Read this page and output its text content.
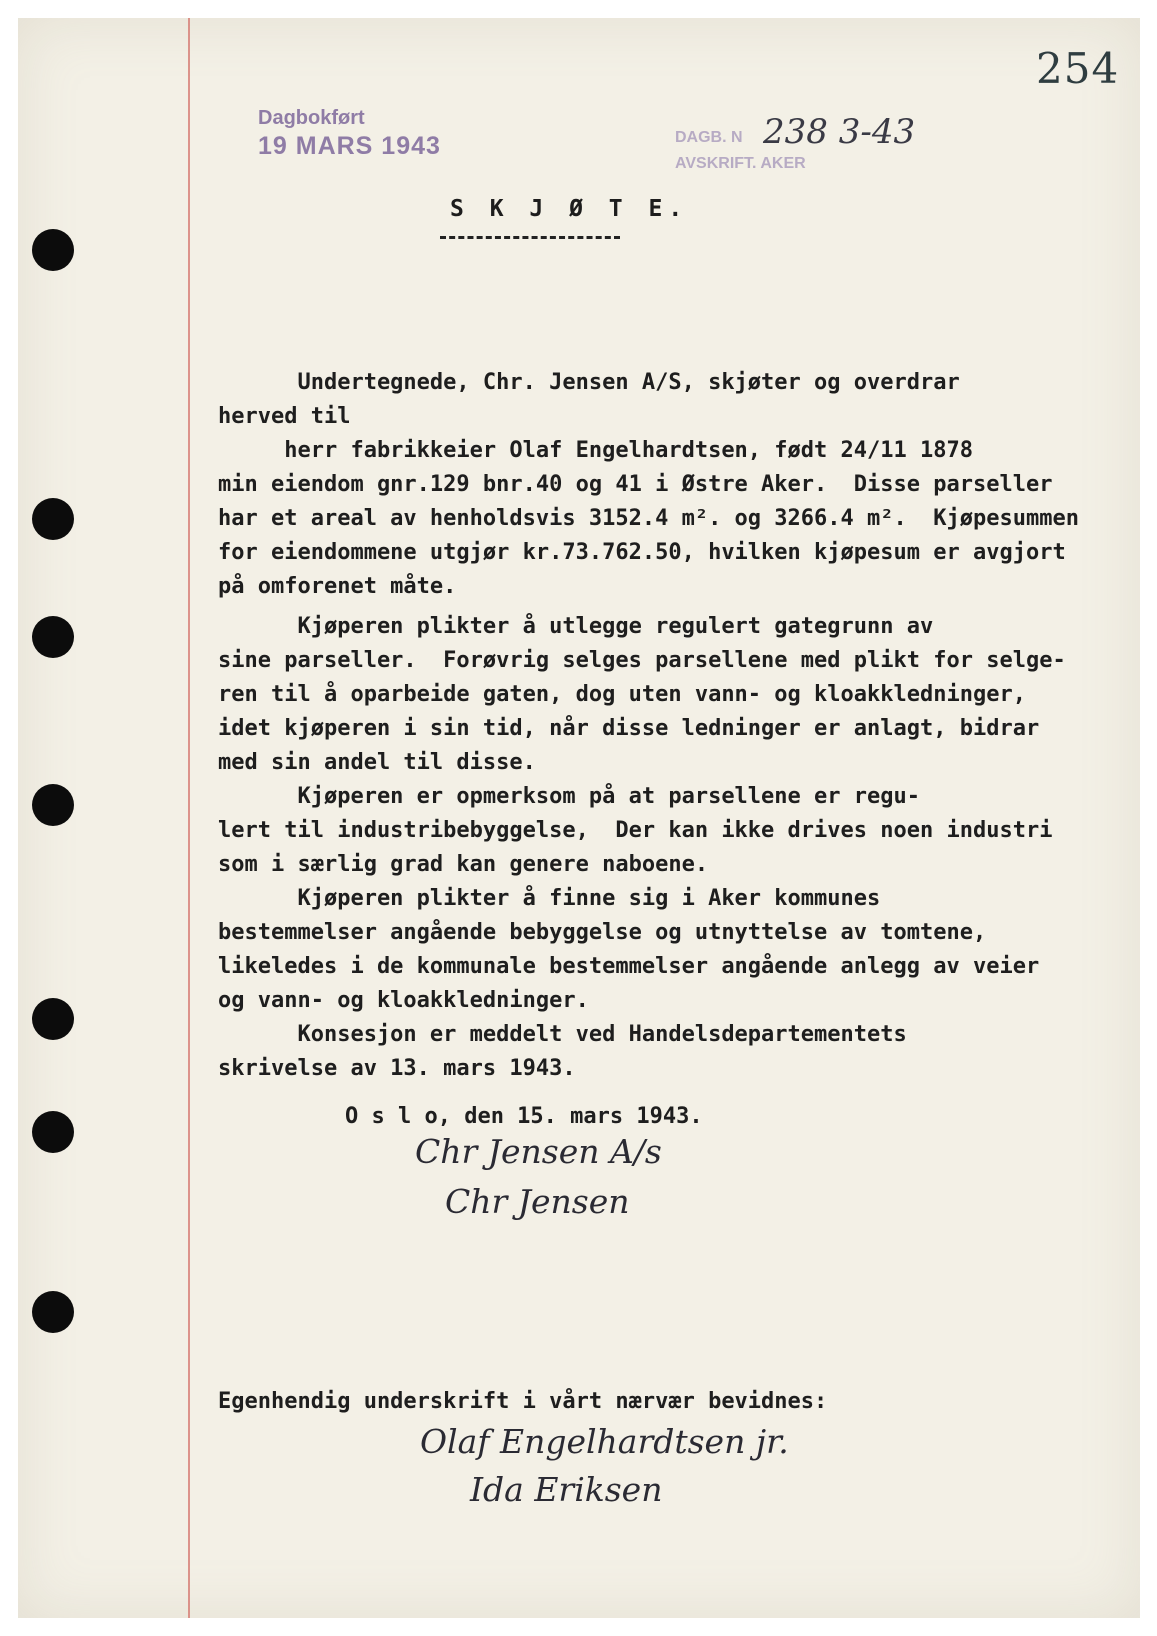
254
Dagbokført
19 MARS 1943	DAGB. N
AVSKRIFT. AKER
238 3-43
S K J Ø T E.
Undertegnede, Chr. Jensen A/S, skjøter og overdrar
herved til
herr fabrikkeier Olaf Engelhardtsen, født 24/11 1878
min eiendom gnr.129 bnr.40 og 41 i Østre Aker.  Disse parseller
har et areal av henholdsvis 3152.4 m². og 3266.4 m².  Kjøpesummen
for eiendommene utgjør kr.73.762.50, hvilken kjøpesum er avgjort
på omforenet måte.
Kjøperen plikter å utlegge regulert gategrunn av
sine parseller.  Forøvrig selges parsellene med plikt for selge-
ren til å oparbeide gaten, dog uten vann- og kloakkledninger,
idet kjøperen i sin tid, når disse ledninger er anlagt, bidrar
med sin andel til disse.
Kjøperen er opmerksom på at parsellene er regu-
lert til industribebyggelse,  Der kan ikke drives noen industri
som i særlig grad kan genere naboene.
Kjøperen plikter å finne sig i Aker kommunes
bestemmelser angående bebyggelse og utnyttelse av tomtene,
likeledes i de kommunale bestemmelser angående anlegg av veier
og vann- og kloakkledninger.
Konsesjon er meddelt ved Handelsdepartementets
skrivelse av 13. mars 1943.
O s l o, den 15. mars 1943.
Chr Jensen A/s
Chr Jensen
Egenhendig underskrift i vårt nærvær bevidnes:
Olaf Engelhardtsen jr.
Ida Eriksen
